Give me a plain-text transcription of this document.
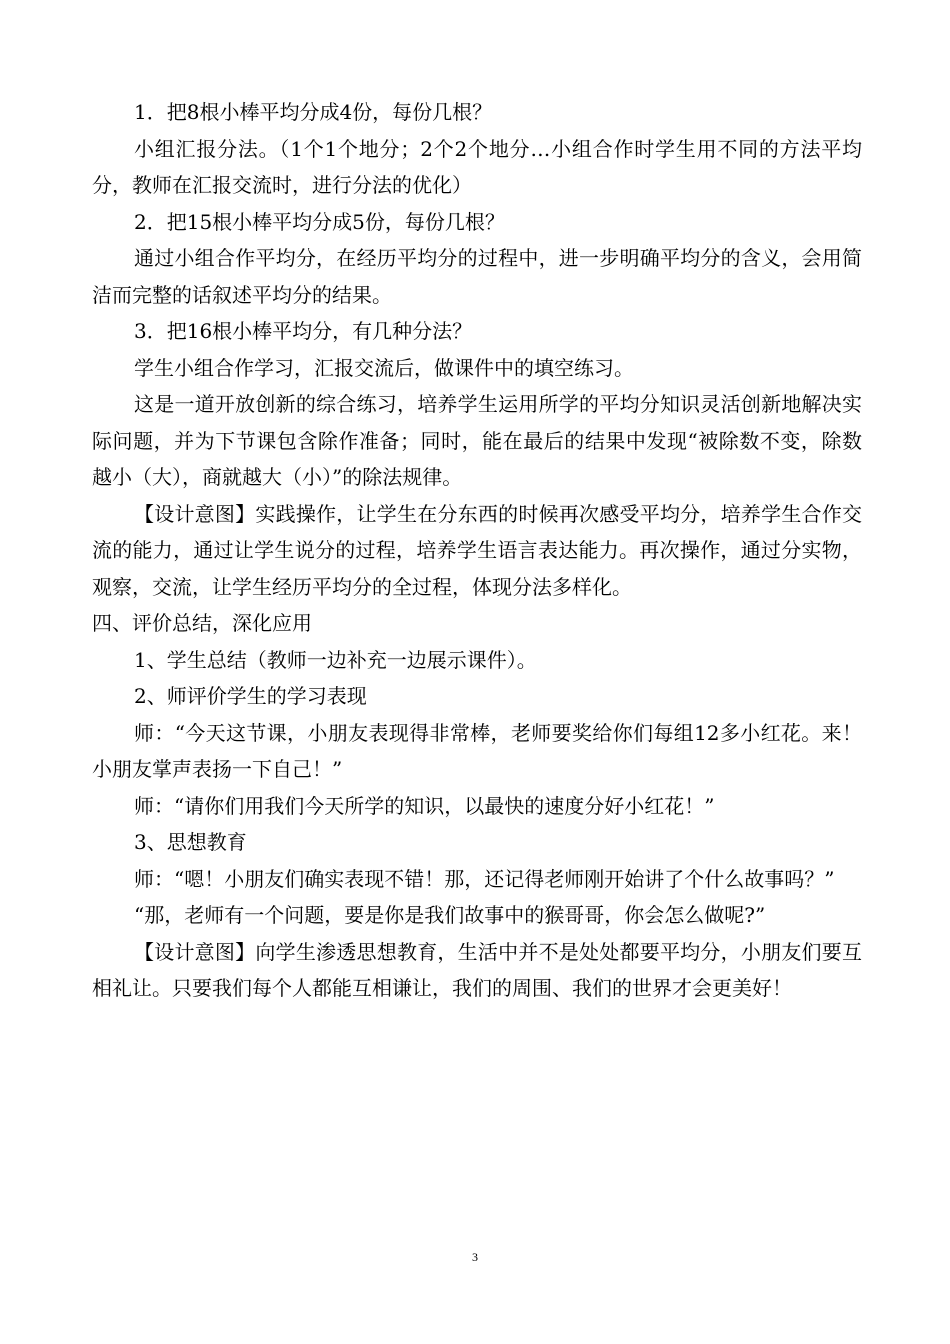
1．把8根小棒平均分成4份，每份几根？

小组汇报分法。（1个1个地分；2个2个地分…小组合作时学生用不同的方法平均分，教师在汇报交流时，进行分法的优化）

2．把15根小棒平均分成5份，每份几根？

通过小组合作平均分，在经历平均分的过程中，进一步明确平均分的含义，会用简洁而完整的话叙述平均分的结果。

3．把16根小棒平均分，有几种分法？

学生小组合作学习，汇报交流后，做课件中的填空练习。

这是一道开放创新的综合练习，培养学生运用所学的平均分知识灵活创新地解决实际问题，并为下节课包含除作准备；同时，能在最后的结果中发现“被除数不变，除数越小（大），商就越大（小）”的除法规律。

【设计意图】实践操作，让学生在分东西的时候再次感受平均分，培养学生合作交流的能力，通过让学生说分的过程，培养学生语言表达能力。再次操作，通过分实物，观察，交流，让学生经历平均分的全过程，体现分法多样化。

四、评价总结，深化应用

1、学生总结（教师一边补充一边展示课件）。

2、师评价学生的学习表现

师：“今天这节课，小朋友表现得非常棒，老师要奖给你们每组12多小红花。来！小朋友掌声表扬一下自己！”

师：“请你们用我们今天所学的知识，以最快的速度分好小红花！”

3、思想教育

师：“嗯！小朋友们确实表现不错！那，还记得老师刚开始讲了个什么故事吗？”

“那，老师有一个问题，要是你是我们故事中的猴哥哥，你会怎么做呢?”

【设计意图】向学生渗透思想教育，生活中并不是处处都要平均分，小朋友们要互相礼让。只要我们每个人都能互相谦让，我们的周围、我们的世界才会更美好！

3
